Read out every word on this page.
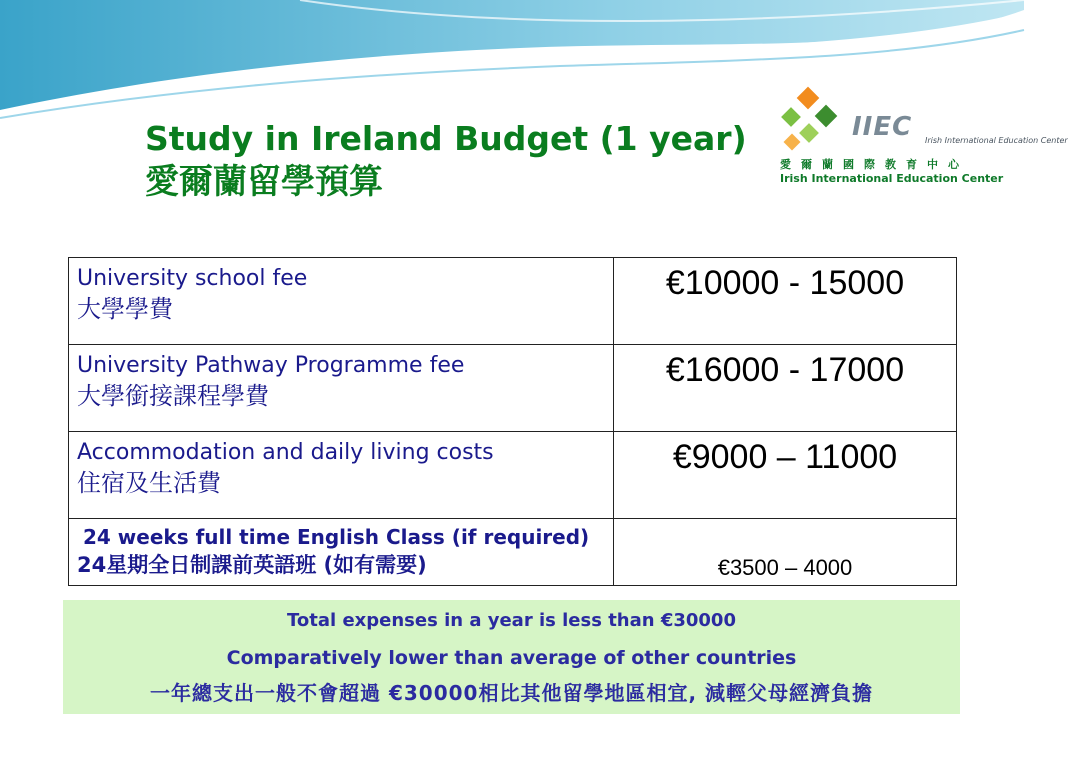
Study in Ireland Budget (1 year)
愛爾蘭留學預算
IIEC Irish International Education Center
愛爾蘭國際教育中心
Irish International Education Center
University school fee
大學學費	€10000 - 15000

University Pathway Programme fee
大學銜接課程學費	€16000 - 17000

Accommodation and daily living costs
住宿及生活費	€9000 – 11000

24 weeks full time English Class (if required)
24星期全日制課前英語班 (如有需要)	€3500 – 4000
Total expenses in a year is less than €30000
Comparatively lower than average of other countries
一年總支出一般不會超過 €30000相比其他留學地區相宜, 減輕父母經濟負擔
